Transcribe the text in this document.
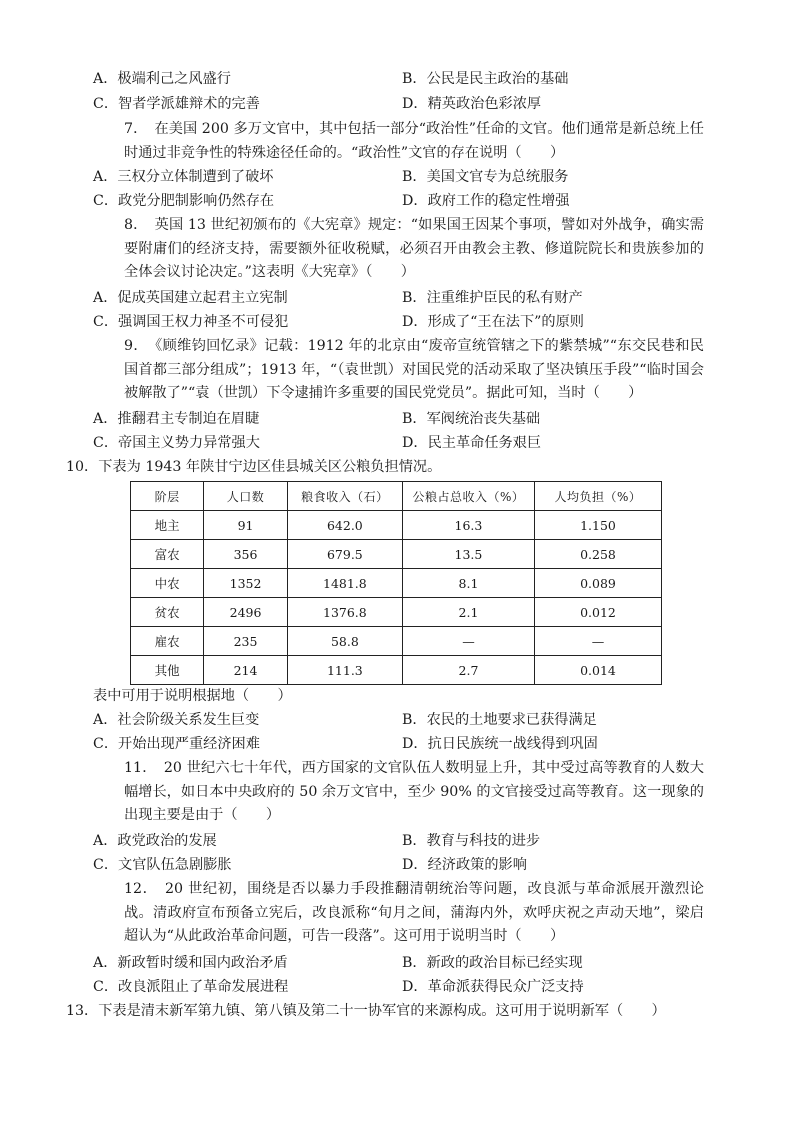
A．极端利己之风盛行	B．公民是民主政治的基础
C．智者学派雄辩术的完善	D．精英政治色彩浓厚
7．　在美国 200 多万文官中，其中包括一部分“政治性”任命的文官。他们通常是新总统上任时通过非竞争性的特殊途径任命的。“政治性”文官的存在说明（　　）
A．三权分立体制遭到了破坏	B．美国文官专为总统服务
C．政党分肥制影响仍然存在	D．政府工作的稳定性增强
8．　英国 13 世纪初颁布的《大宪章》规定：“如果国王因某个事项，譬如对外战争，确实需要附庸们的经济支持，需要额外征收税赋，必须召开由教会主教、修道院院长和贵族参加的全体会议讨论决定。”这表明《大宪章》（　　）
A．促成英国建立起君主立宪制	B．注重维护臣民的私有财产
C．强调国王权力神圣不可侵犯	D．形成了“王在法下”的原则
9．　《顾维钧回忆录》记载：1912 年的北京由“废帝宣统管辖之下的紫禁城”“东交民巷和民国首都三部分组成”；1913 年，“（袁世凯）对国民党的活动采取了坚决镇压手段”“临时国会被解散了”“袁（世凯）下令逮捕许多重要的国民党党员”。据此可知，当时（　　）
A．推翻君主专制迫在眉睫	B．军阀统治丧失基础
C．帝国主义势力异常强大	D．民主革命任务艰巨
10．下表为 1943 年陕甘宁边区佳县城关区公粮负担情况。
阶层	人口数	粮食收入（石）	公粮占总收入（%）	人均负担（%）
地主	91	642.0	16.3	1.150
富农	356	679.5	13.5	0.258
中农	1352	1481.8	8.1	0.089
贫农	2496	1376.8	2.1	0.012
雇农	235	58.8	—	—
其他	214	111.3	2.7	0.014
表中可用于说明根据地（　　）
A．社会阶级关系发生巨变	B．农民的土地要求已获得满足
C．开始出现严重经济困难	D．抗日民族统一战线得到巩固
11．　20 世纪六七十年代，西方国家的文官队伍人数明显上升，其中受过高等教育的人数大幅增长，如日本中央政府的 50 余万文官中，至少 90% 的文官接受过高等教育。这一现象的出现主要是由于（　　）
A．政党政治的发展	B．教育与科技的进步
C．文官队伍急剧膨胀	D．经济政策的影响
12．　20 世纪初，围绕是否以暴力手段推翻清朝统治等问题，改良派与革命派展开激烈论战。清政府宣布预备立宪后，改良派称“旬月之间，蒲海内外，欢呼庆祝之声动天地”，梁启超认为“从此政治革命问题，可告一段落”。这可用于说明当时（　　）
A．新政暂时缓和国内政治矛盾	B．新政的政治目标已经实现
C．改良派阻止了革命发展进程	D．革命派获得民众广泛支持
13．下表是清末新军第九镇、第八镇及第二十一协军官的来源构成。这可用于说明新军（　　）
